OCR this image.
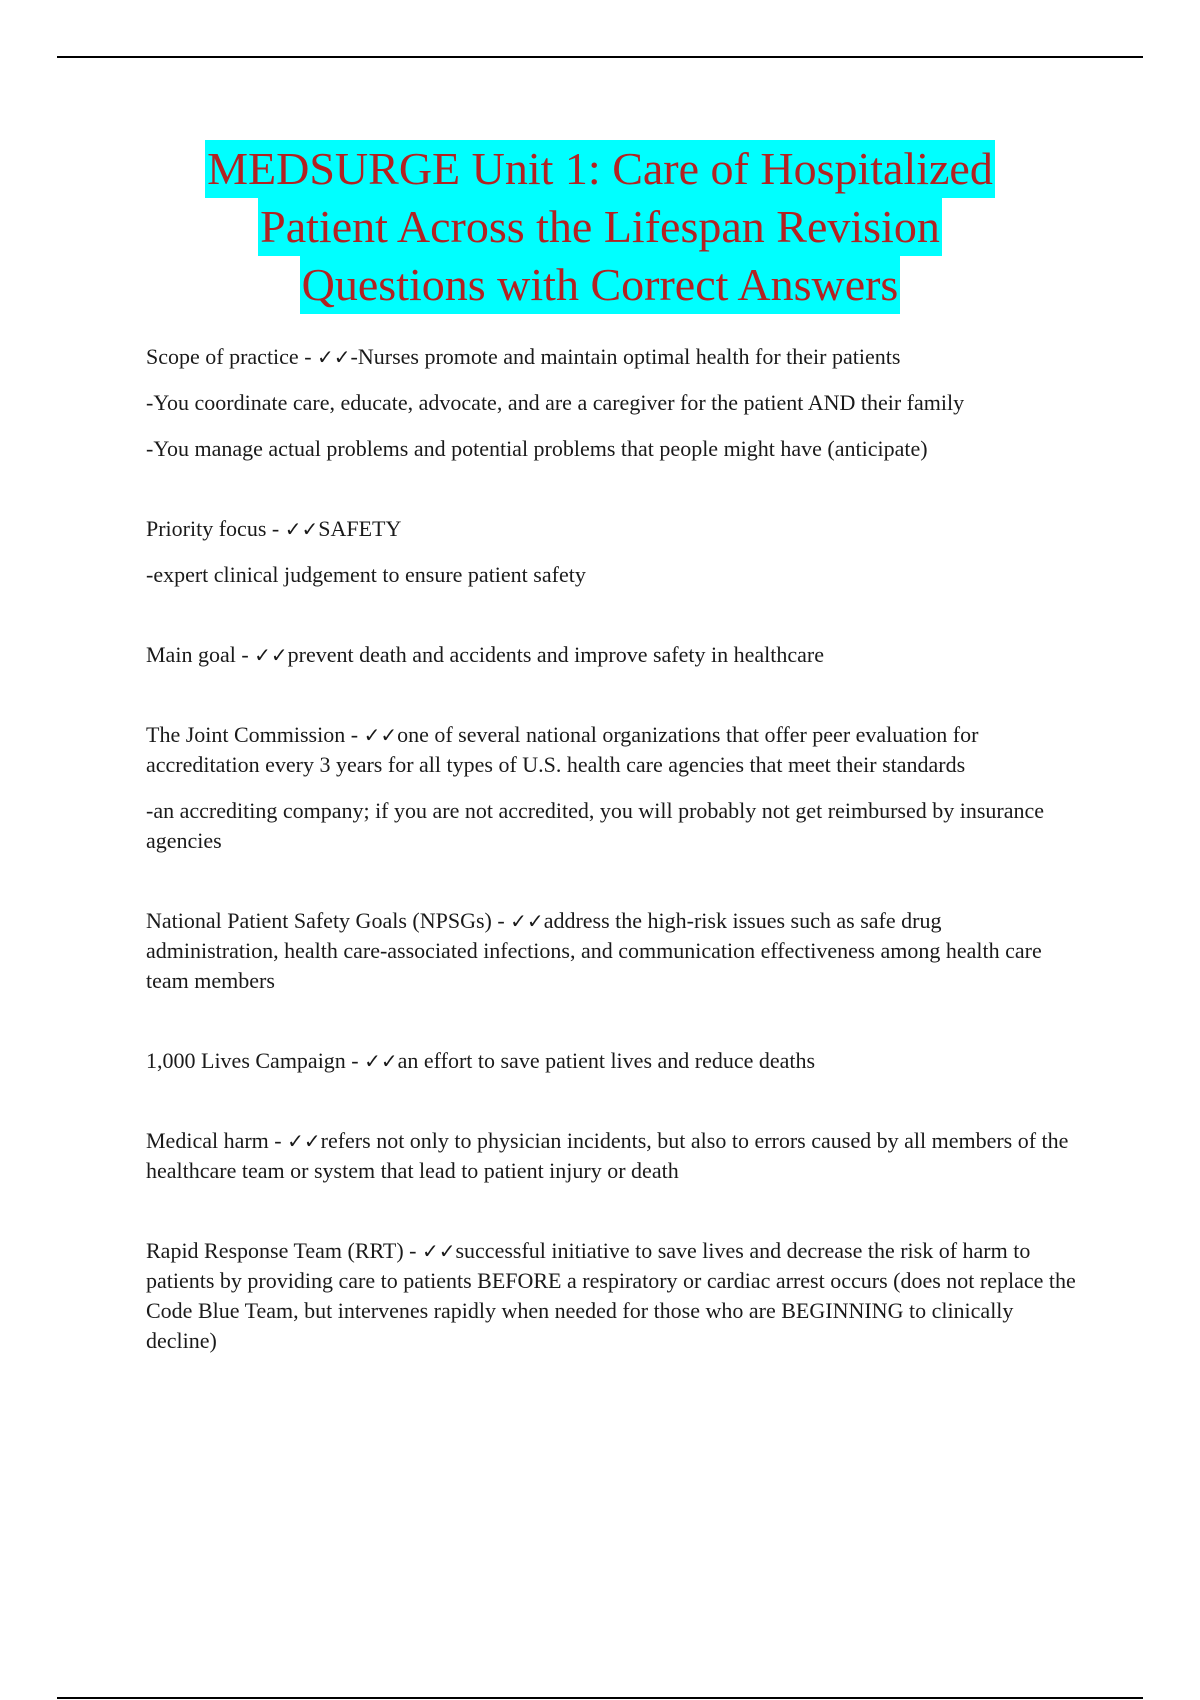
MEDSURGE Unit 1: Care of Hospitalized
Patient Across the Lifespan Revision
Questions with Correct Answers

Scope of practice - ✓✓-Nurses promote and maintain optimal health for their patients

-You coordinate care, educate, advocate, and are a caregiver for the patient AND their family

-You manage actual problems and potential problems that people might have (anticipate)

Priority focus - ✓✓SAFETY

-expert clinical judgement to ensure patient safety

Main goal - ✓✓prevent death and accidents and improve safety in healthcare

The Joint Commission - ✓✓one of several national organizations that offer peer evaluation for accreditation every 3 years for all types of U.S. health care agencies that meet their standards

-an accrediting company; if you are not accredited, you will probably not get reimbursed by insurance agencies

National Patient Safety Goals (NPSGs) - ✓✓address the high-risk issues such as safe drug administration, health care-associated infections, and communication effectiveness among health care team members

1,000 Lives Campaign - ✓✓an effort to save patient lives and reduce deaths

Medical harm - ✓✓refers not only to physician incidents, but also to errors caused by all members of the healthcare team or system that lead to patient injury or death

Rapid Response Team (RRT) - ✓✓successful initiative to save lives and decrease the risk of harm to patients by providing care to patients BEFORE a respiratory or cardiac arrest occurs (does not replace the Code Blue Team, but intervenes rapidly when needed for those who are BEGINNING to clinically decline)
